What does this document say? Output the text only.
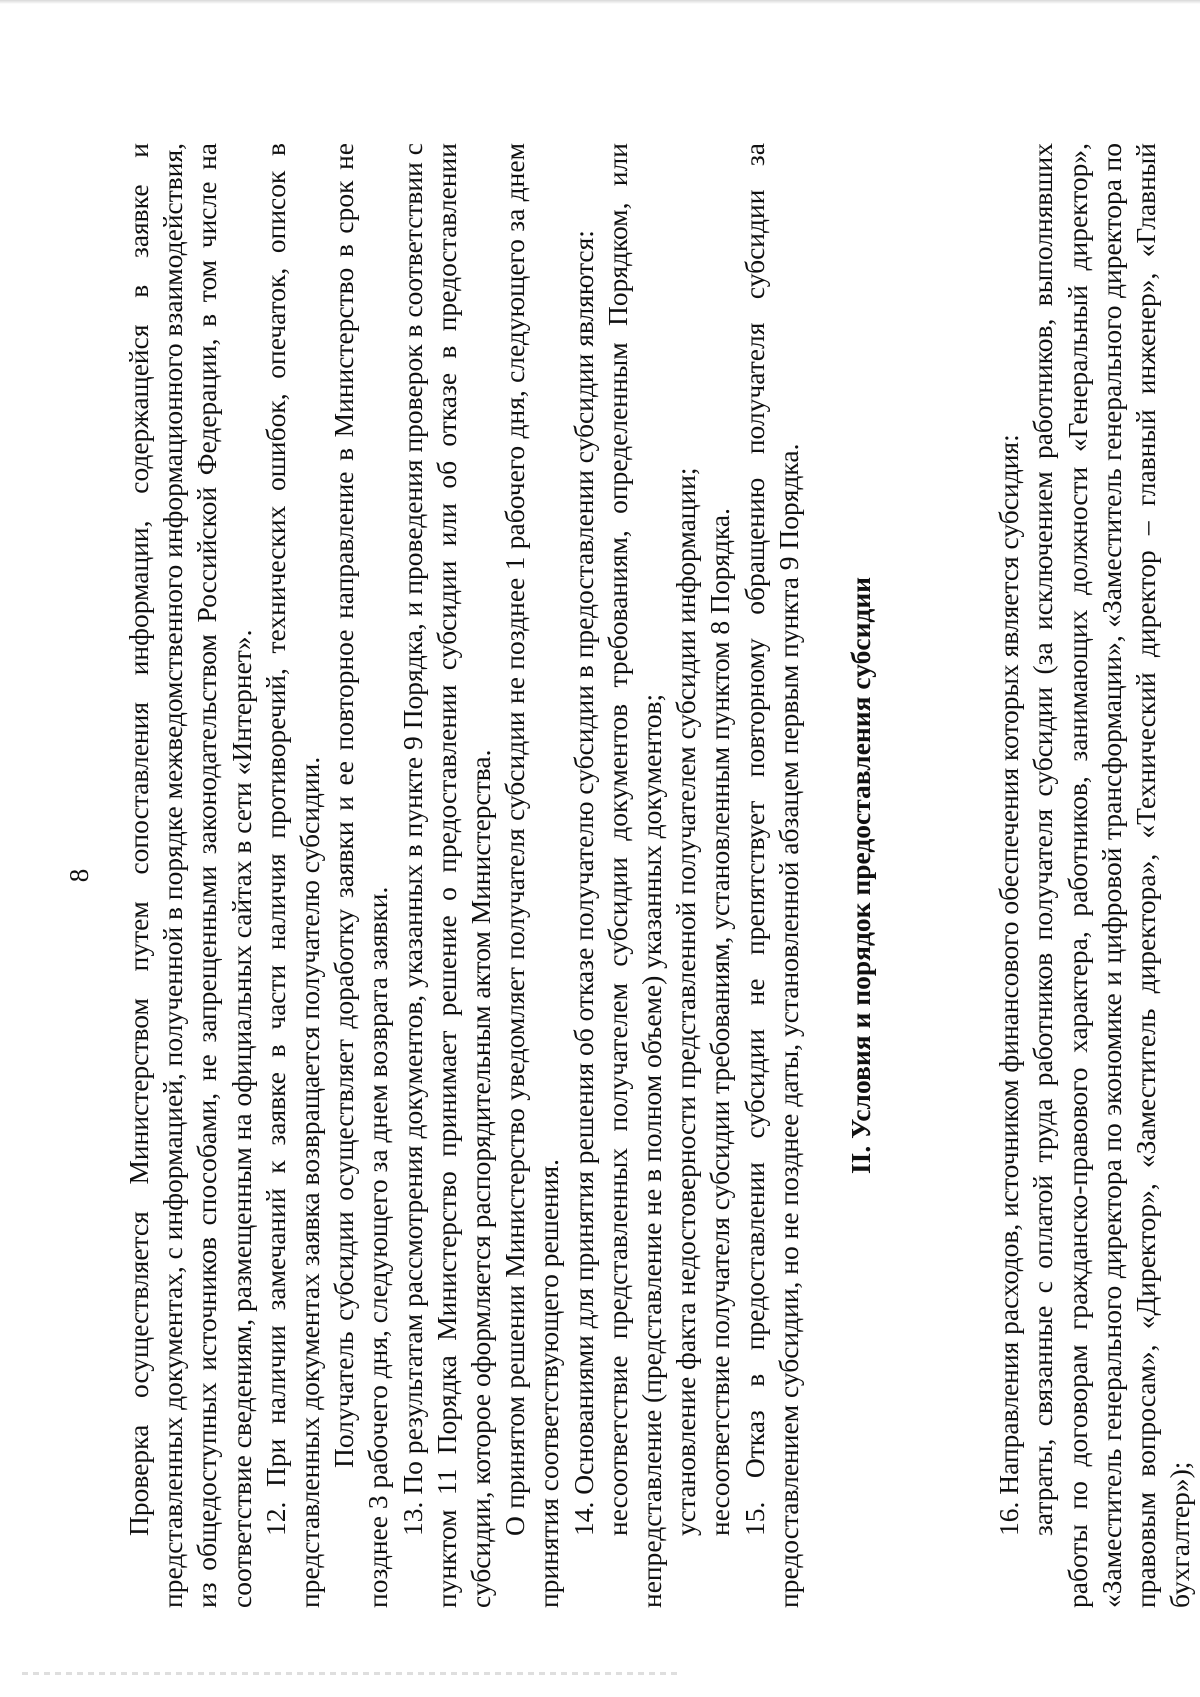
8	Проверка осуществляется Министерством путем сопоставления информации, содержащейся в заявке и представленных документах, с информацией, полученной в порядке межведомственного информационного взаимодействия, из общедоступных источников способами, не запрещенными законодательством Российской Федерации, в том числе на соответствие сведениям, размещенным на официальных сайтах в сети «Интернет». 12. При наличии замечаний к заявке в части наличия противоречий, технических ошибок, опечаток, описок в представленных документах заявка возвращается получателю субсидии. Получатель субсидии осуществляет доработку заявки и ее повторное направление в Министерство в срок не позднее 3 рабочего дня, следующего за днем возврата заявки. 13. По результатам рассмотрения документов, указанных в пункте 9 Порядка, и проведения проверок в соответствии с пунктом 11 Порядка Министерство принимает решение о предоставлении субсидии или об отказе в предоставлении субсидии, которое оформляется распорядительным актом Министерства. О принятом решении Министерство уведомляет получателя субсидии не позднее 1 рабочего дня, следующего за днем принятия соответствующего решения. 14. Основаниями для принятия решения об отказе получателю субсидии в предоставлении субсидии являются: несоответствие представленных получателем субсидии документов требованиям, определенным Порядком, или непредставление (представление не в полном объеме) указанных документов; установление факта недостоверности представленной получателем субсидии информации; несоответствие получателя субсидии требованиям, установленным пунктом 8 Порядка. 15. Отказ в предоставлении субсидии не препятствует повторному обращению получателя субсидии за предоставлением субсидии, но не позднее даты, установленной абзацем первым пункта 9 Порядка. II. Условия и порядок предоставления субсидии	16. Направления расходов, источником финансового обеспечения которых является субсидия: затраты, связанные с оплатой труда работников получателя субсидии (за исключением работников, выполнявших работы по договорам гражданско-правового характера, работников, занимающих должности «Генеральный директор», «Заместитель генерального директора по экономике и цифровой трансформации», «Заместитель генерального директора по правовым вопросам», «Директор», «Заместитель директора», «Технический директор – главный инженер», «Главный бухгалтер»);
